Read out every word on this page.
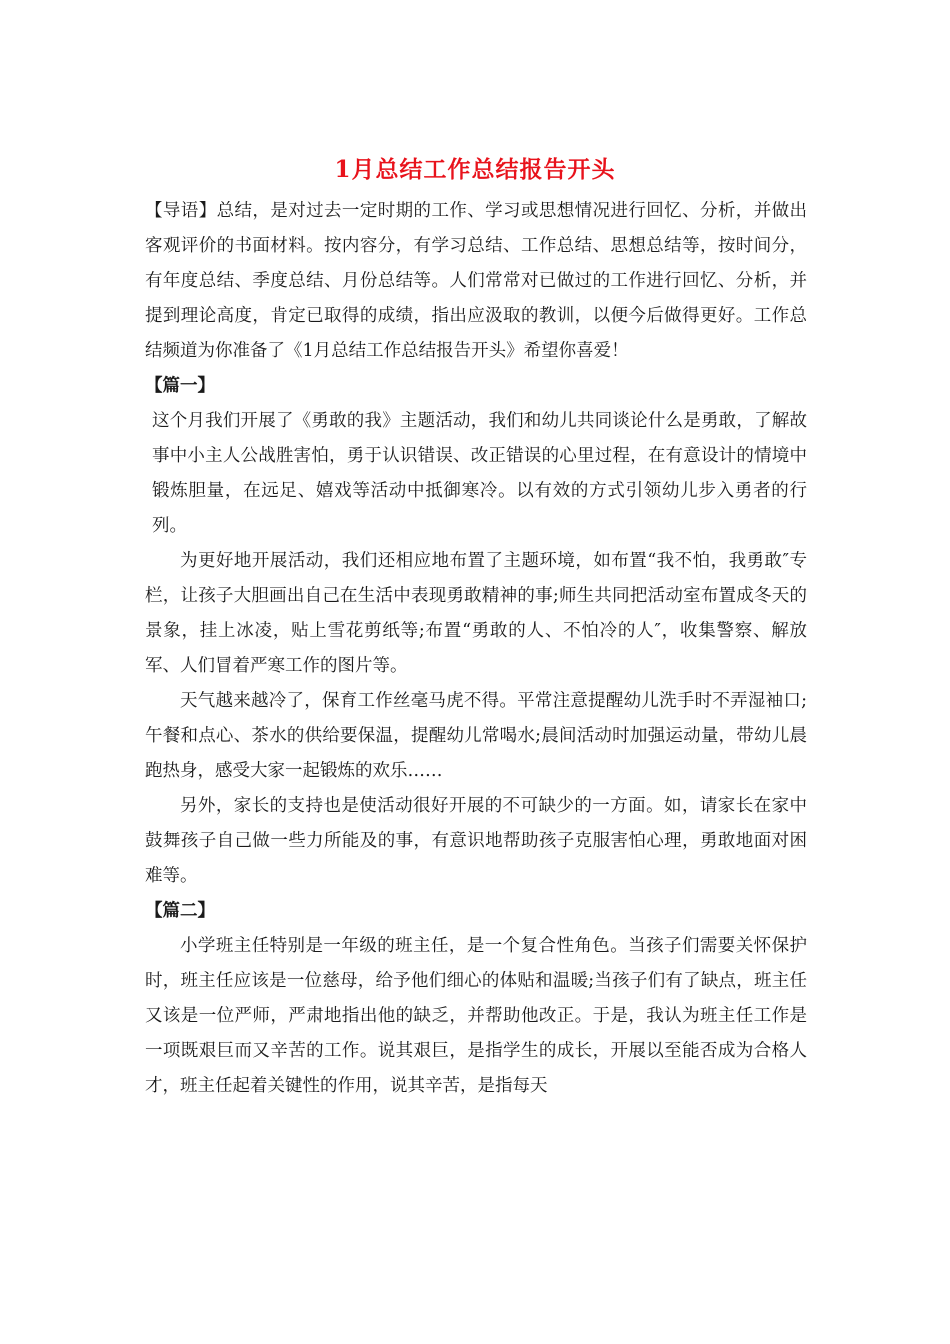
1月总结工作总结报告开头

【导语】总结，是对过去一定时期的工作、学习或思想情况进行回忆、分析，并做出客观评价的书面材料。按内容分，有学习总结、工作总结、思想总结等，按时间分，有年度总结、季度总结、月份总结等。人们常常对已做过的工作进行回忆、分析，并提到理论高度，肯定已取得的成绩，指出应汲取的教训，以便今后做得更好。工作总结频道为你准备了《1月总结工作总结报告开头》希望你喜爱！

【篇一】

这个月我们开展了《勇敢的我》主题活动，我们和幼儿共同谈论什么是勇敢，了解故事中小主人公战胜害怕，勇于认识错误、改正错误的心里过程，在有意设计的情境中锻炼胆量，在远足、嬉戏等活动中抵御寒冷。以有效的方式引领幼儿步入勇者的行列。

为更好地开展活动，我们还相应地布置了主题环境，如布置“我不怕，我勇敢″专栏，让孩子大胆画出自己在生活中表现勇敢精神的事;师生共同把活动室布置成冬天的景象，挂上冰凌，贴上雪花剪纸等;布置“勇敢的人、不怕冷的人″，收集警察、解放军、人们冒着严寒工作的图片等。

天气越来越冷了，保育工作丝毫马虎不得。平常注意提醒幼儿洗手时不弄湿袖口;午餐和点心、茶水的供给要保温，提醒幼儿常喝水;晨间活动时加强运动量，带幼儿晨跑热身，感受大家一起锻炼的欢乐……

另外，家长的支持也是使活动很好开展的不可缺少的一方面。如，请家长在家中鼓舞孩子自己做一些力所能及的事，有意识地帮助孩子克服害怕心理，勇敢地面对困难等。

【篇二】

小学班主任特别是一年级的班主任，是一个复合性角色。当孩子们需要关怀保护时，班主任应该是一位慈母，给予他们细心的体贴和温暖;当孩子们有了缺点，班主任又该是一位严师，严肃地指出他的缺乏，并帮助他改正。于是，我认为班主任工作是一项既艰巨而又辛苦的工作。说其艰巨，是指学生的成长，开展以至能否成为合格人才，班主任起着关键性的作用，说其辛苦，是指每天
